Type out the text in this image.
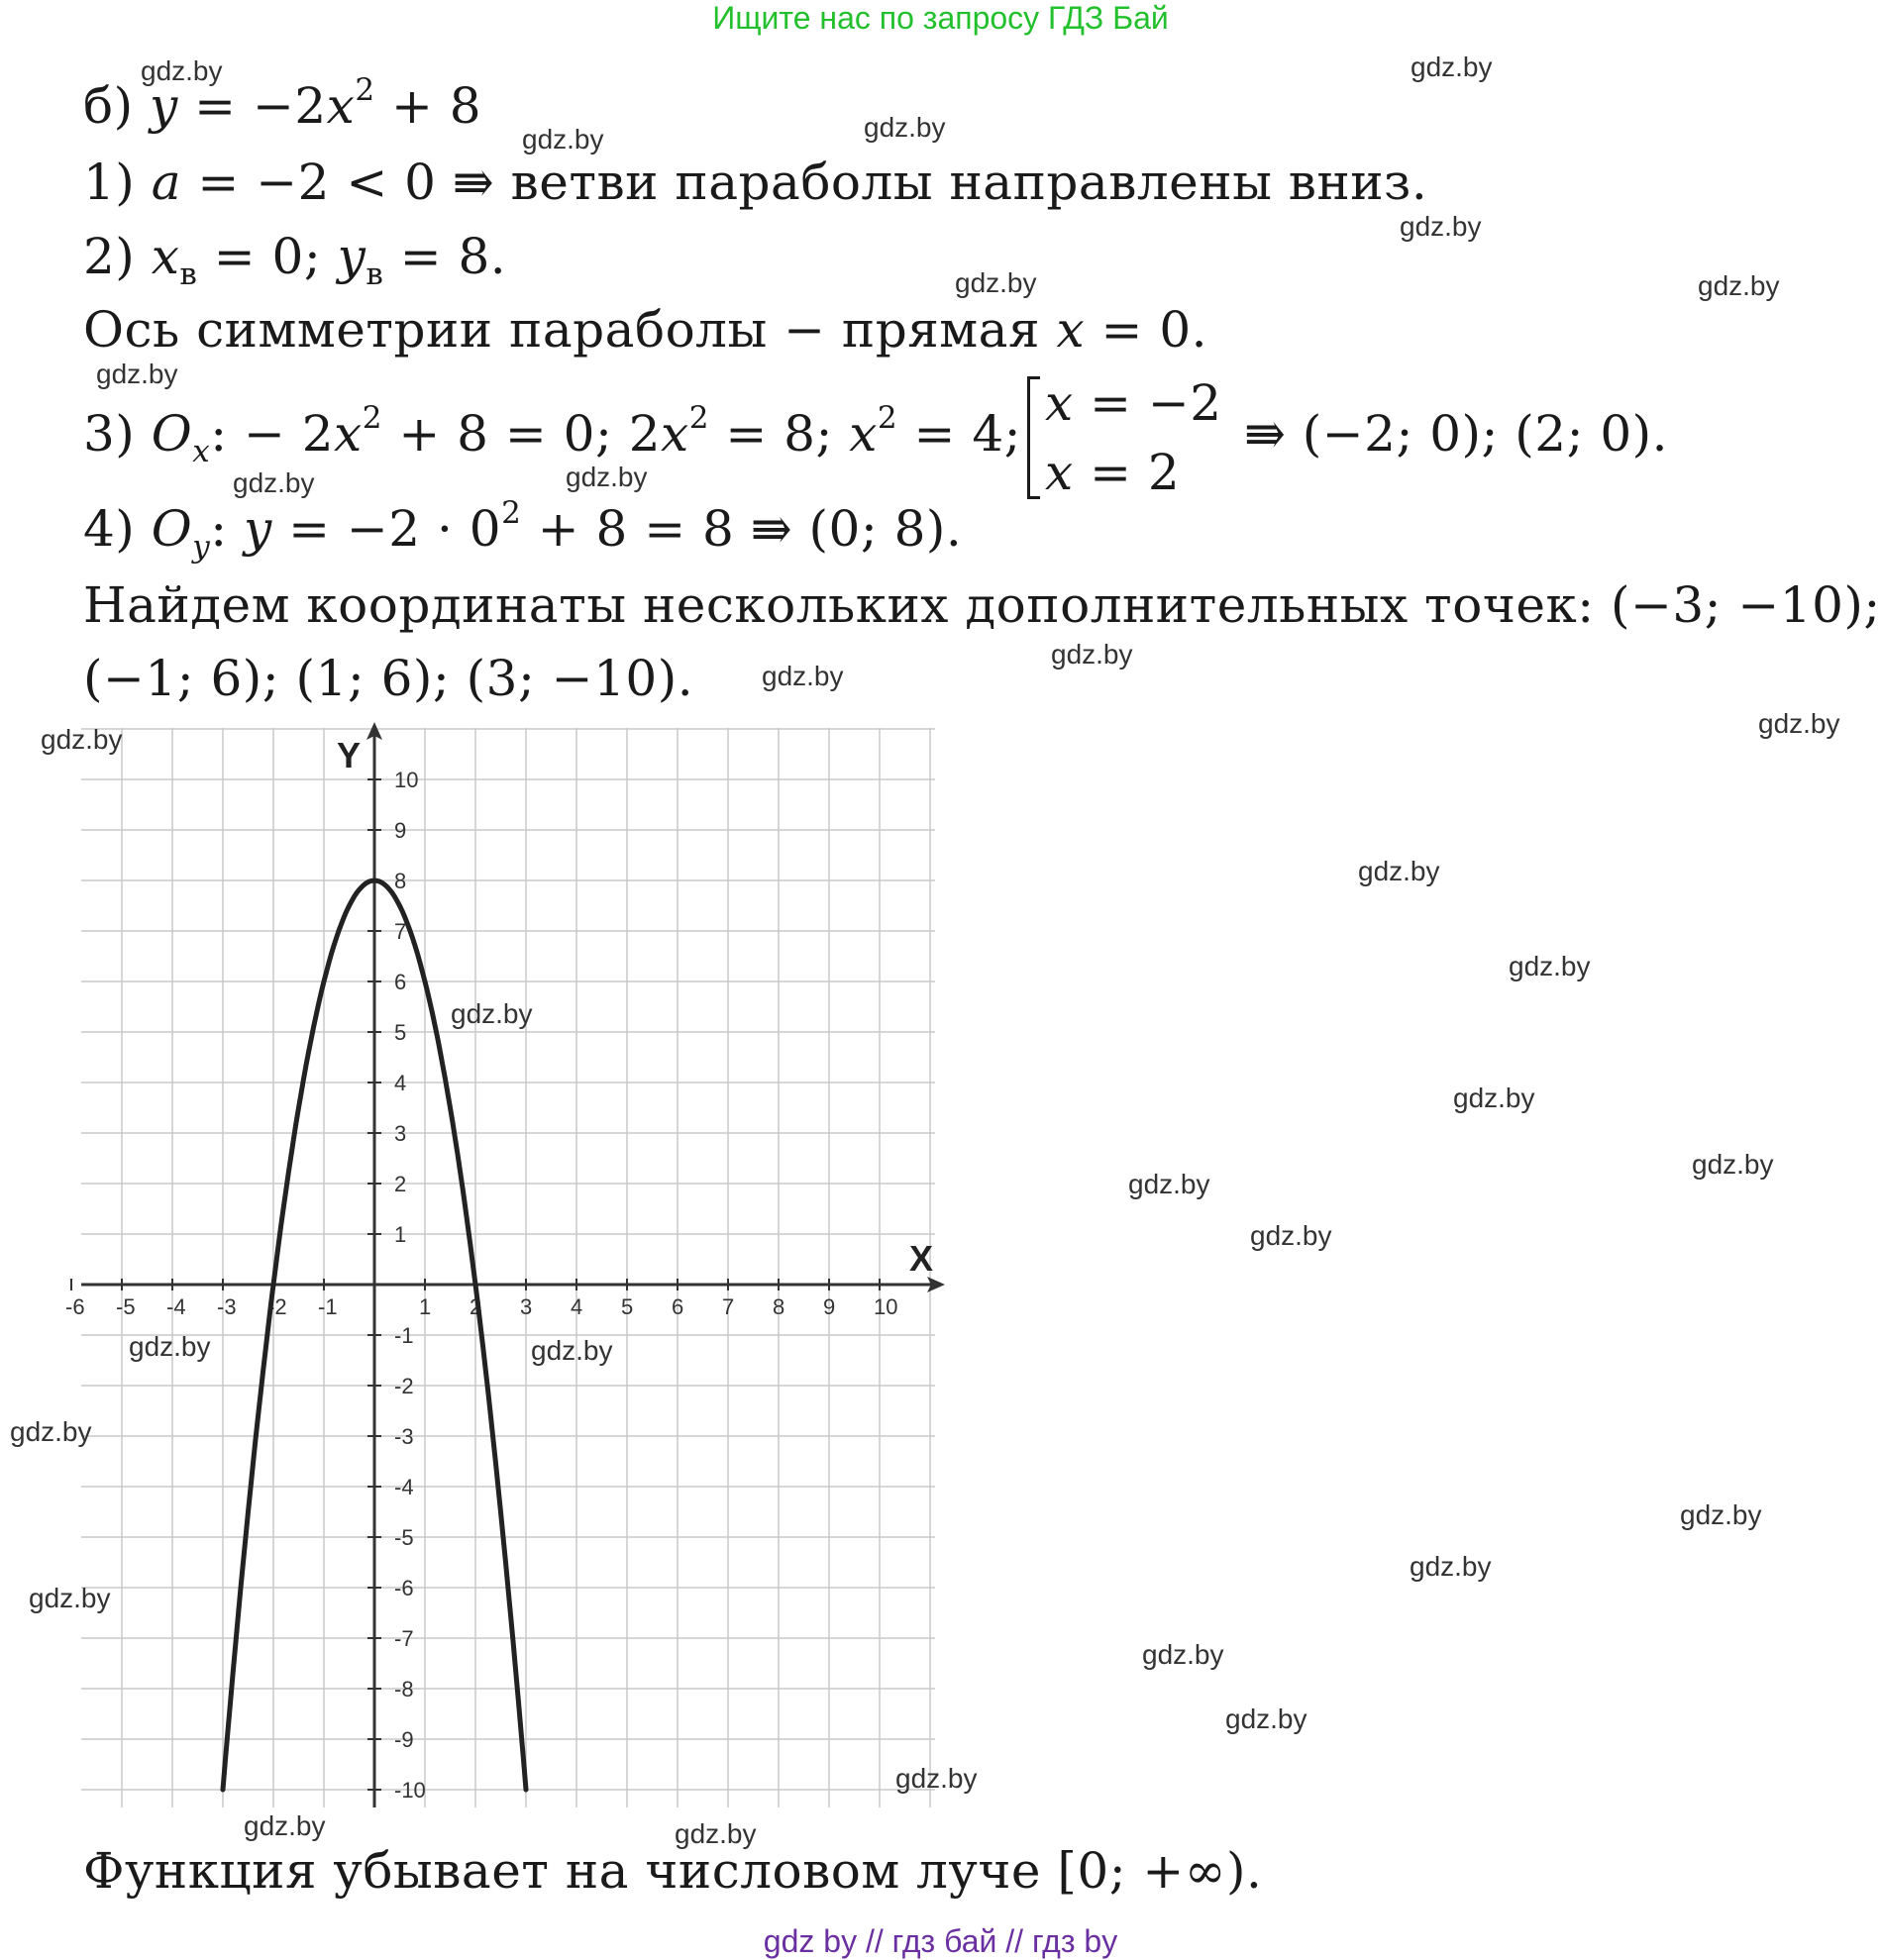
Ищите нас по запросу ГДЗ Бай
б) $y = -2x^2 + 8$
1) a = −2 < 0 ⇛ ветви параболы направлены вниз.
2) $x_в = 0$; $y_в = 8$.
Ось симметрии параболы − прямая x = 0.
3) $O_x$: − $2x^2 + 8 = 0$; $2x^2 = 8$; $x^2 = 4$;
x = −2
x = 2
⇛ (−2; 0); (2; 0).
4) $O_y$: $y = -2 \cdot 0^2 + 8 = 8$ ⇛ (0; 8).
Найдем координаты нескольких дополнительных точек: (−3; −10);
(−1; 6); (1; 6); (3; −10).
X
Y
-6 -5 -4 -3 -2 -1	1 2 3 4 5 6 7 8 9 10
10
9
8
7
6
5
4
3
2
1
-1
-2
-3
-4
-5
-6
-7
-8
-9
-10
Функция убывает на числовом луче [0; +∞).
gdz.by	gdz.by
gdz.by	gdz.by
gdz.by
gdz.by	gdz.by
gdz.by
gdz.by	gdz.by
gdz.by
gdz.by
gdz.by
gdz.by
gdz.by
gdz.by
gdz.by
gdz.by
gdz.by
gdz.by
gdz.by
gdz.by	gdz.by
gdz.by
gdz.by
gdz.by
gdz.by
gdz.by
gdz.by
gdz.by
gdz.by	gdz.by
gdz by // гдз бай // гдз by
